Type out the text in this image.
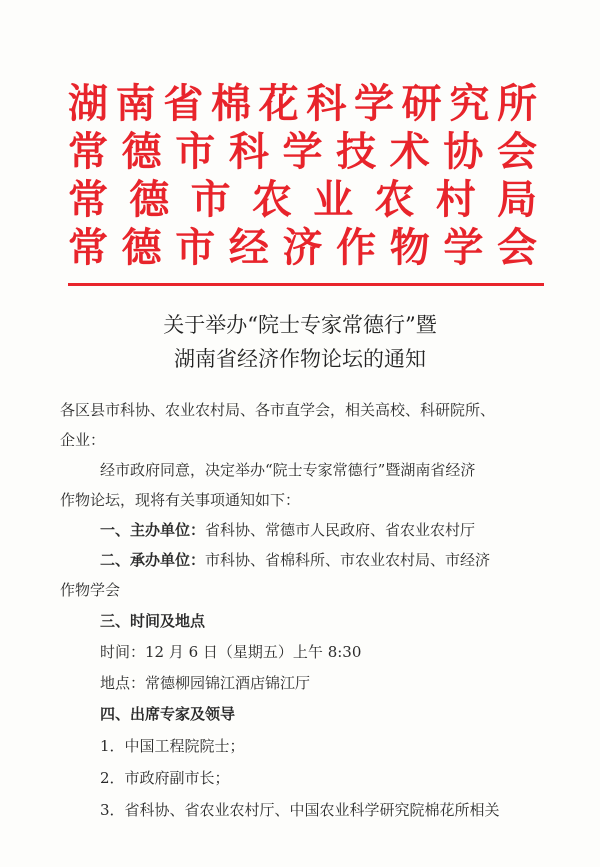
湖南省棉花科学研究所
常德市科学技术协会
常德市农业农村局
常德市经济作物学会
关于举办“院士专家常德行”暨
湖南省经济作物论坛的通知
各区县市科协、农业农村局、各市直学会，相关高校、科研院所、
企业：
经市政府同意，决定举办“院士专家常德行”暨湖南省经济
作物论坛，现将有关事项通知如下：
一、主办单位：省科协、常德市人民政府、省农业农村厅
二、承办单位：市科协、省棉科所、市农业农村局、市经济
作物学会
三、时间及地点
时间：12 月 6 日（星期五）上午 8:30
地点：常德柳园锦江酒店锦江厅
四、出席专家及领导
1．中国工程院院士；
2．市政府副市长；
3．省科协、省农业农村厅、中国农业科学研究院棉花所相关
